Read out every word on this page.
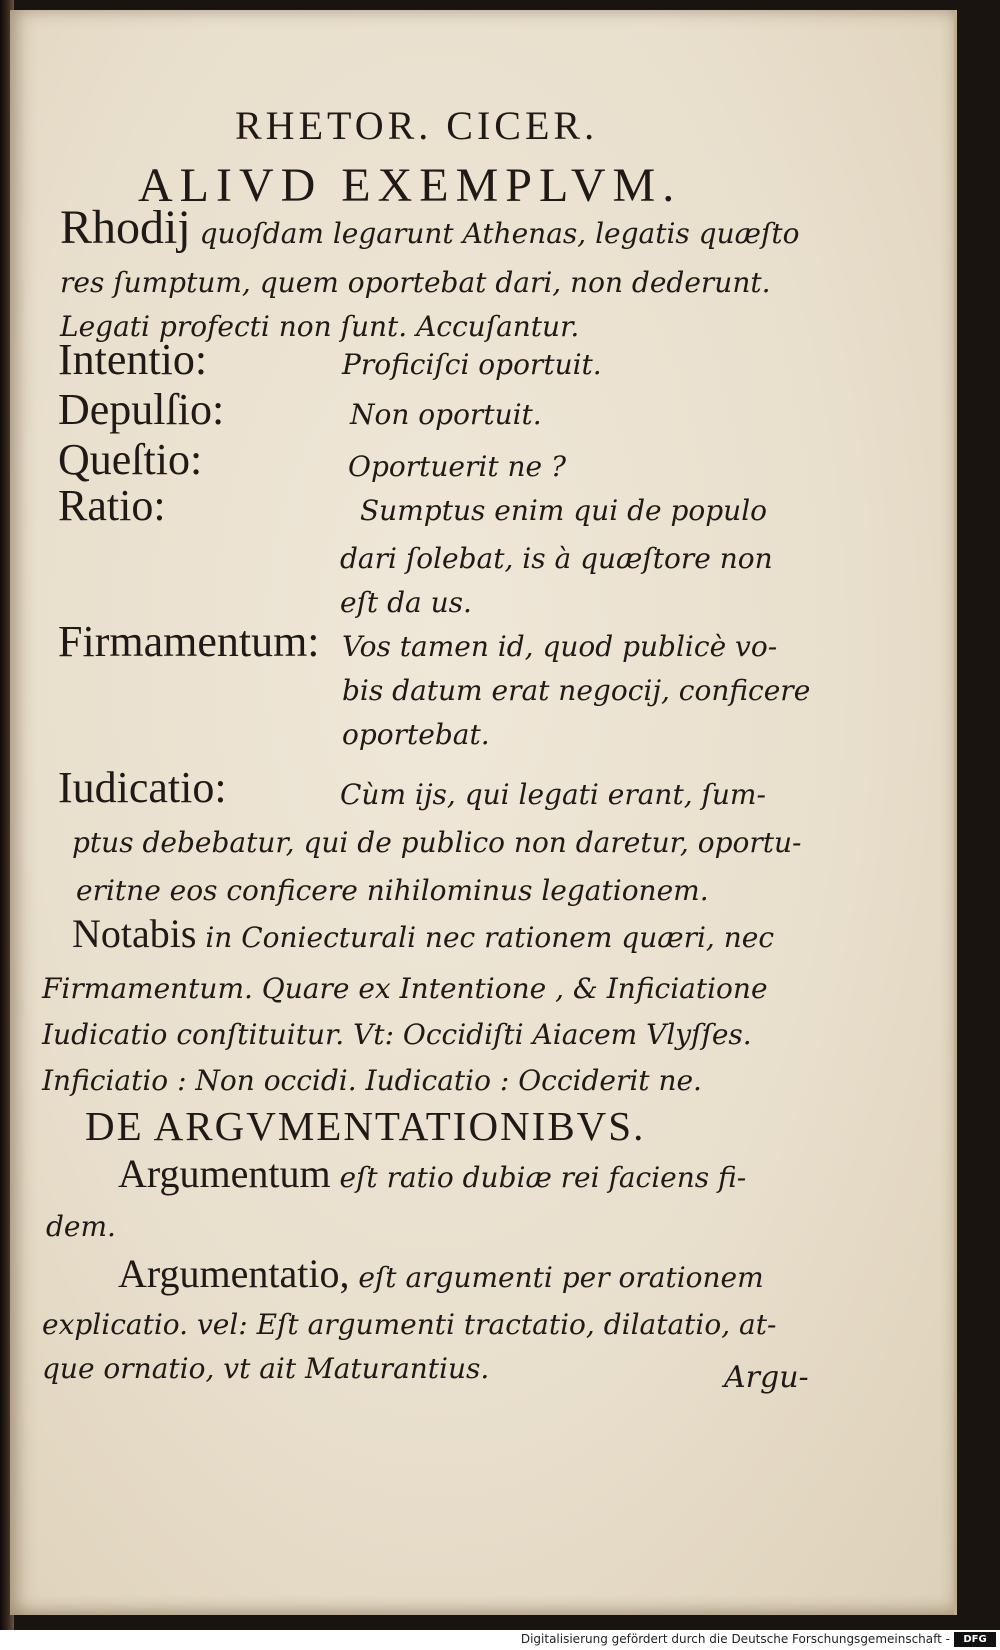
RHETOR. CICER.
ALIVD EXEMPLVM.
Rhodij quoſdam legarunt Athenas, legatis quæſto
res ſumptum, quem oportebat dari, non dederunt.
Legati profecti non ſunt. Accuſantur.
Intentio:	Proficiſci oportuit.
Depulſio:	Non oportuit.
Queſtio:	Oportuerit ne ?
Ratio:	Sumptus enim qui de populo
dari ſolebat, is à quæſtore non
eſt da us.
Firmamentum: Vos tamen id, quod publicè vo-
bis datum erat negocij, conficere
oportebat.
Iudicatio:	Cùm ijs, qui legati erant, ſum-
ptus debebatur, qui de publico non daretur, oportu-
eritne eos conficere nihilominus legationem.
Notabis in Coniecturali nec rationem quæri, nec
Firmamentum. Quare ex Intentione , & Inficiatione
Iudicatio conſtituitur. Vt: Occidiſti Aiacem Vlyſſes.
Inficiatio : Non occidi. Iudicatio : Occiderit ne.
DE ARGVMENTATIONIBVS.
Argumentum eſt ratio dubiæ rei faciens fi-
dem.
Argumentatio, eſt argumenti per orationem
explicatio. vel: Eſt argumenti tractatio, dilatatio, at-
que ornatio, vt ait Maturantius.	Argu-
Digitalisierung gefördert durch die Deutsche Forschungsgemeinschaft -	DFG
